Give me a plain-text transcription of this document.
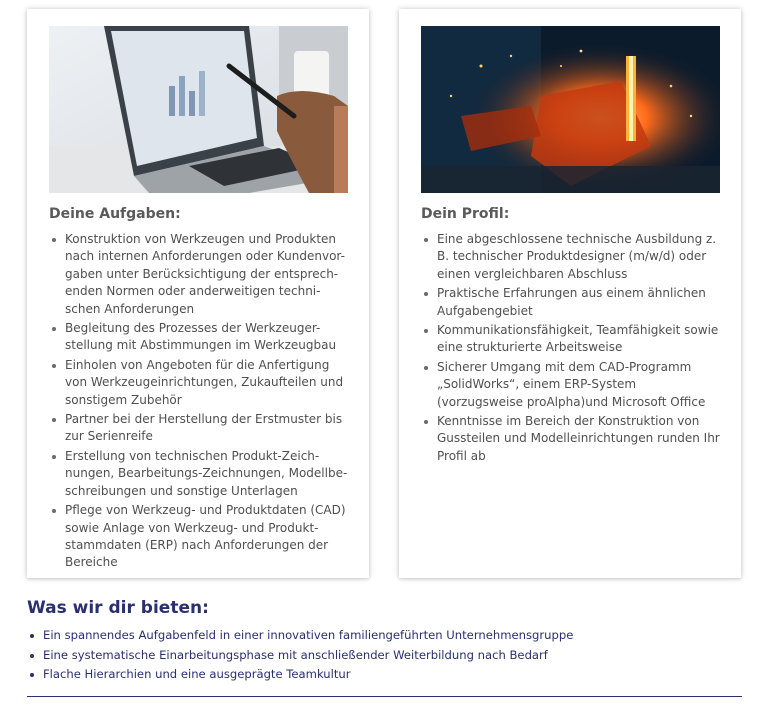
Deine Aufgaben:
Konstruktion von Werkzeugen und Produkten nach internen Anforderungen oder Kundenvor-gaben unter Berücksichtigung der entsprech-enden Normen oder anderweitigen techni-schen Anforderungen
Begleitung des Prozesses der Werkzeuger-stellung mit Abstimmungen im Werkzeugbau
Einholen von Angeboten für die Anfertigung von Werkzeugeinrichtungen, Zukaufteilen und sonstigem Zubehör
Partner bei der Herstellung der Erstmuster bis zur Serienreife
Erstellung von technischen Produkt-Zeich-nungen, Bearbeitungs-Zeichnungen, Modellbe-schreibungen und sonstige Unterlagen
Pflege von Werkzeug- und Produktdaten (CAD) sowie Anlage von Werkzeug- und Produkt-stammdaten (ERP) nach Anforderungen der Bereiche
Dein Profil:
Eine abgeschlossene technische Ausbildung z. B. technischer Produktdesigner (m/w/d) oder einen vergleichbaren Abschluss
Praktische Erfahrungen aus einem ähnlichen Aufgabengebiet
Kommunikationsfähigkeit, Teamfähigkeit sowie eine strukturierte Arbeitsweise
Sicherer Umgang mit dem CAD-Programm „SolidWorks“, einem ERP-System (vorzugsweise proAlpha)und Microsoft Office
Kenntnisse im Bereich der Konstruktion von Gussteilen und Modelleinrichtungen runden Ihr Profil ab
Was wir dir bieten:
Ein spannendes Aufgabenfeld in einer innovativen familiengeführten Unternehmensgruppe
Eine systematische Einarbeitungsphase mit anschließender Weiterbildung nach Bedarf
Flache Hierarchien und eine ausgeprägte Teamkultur
